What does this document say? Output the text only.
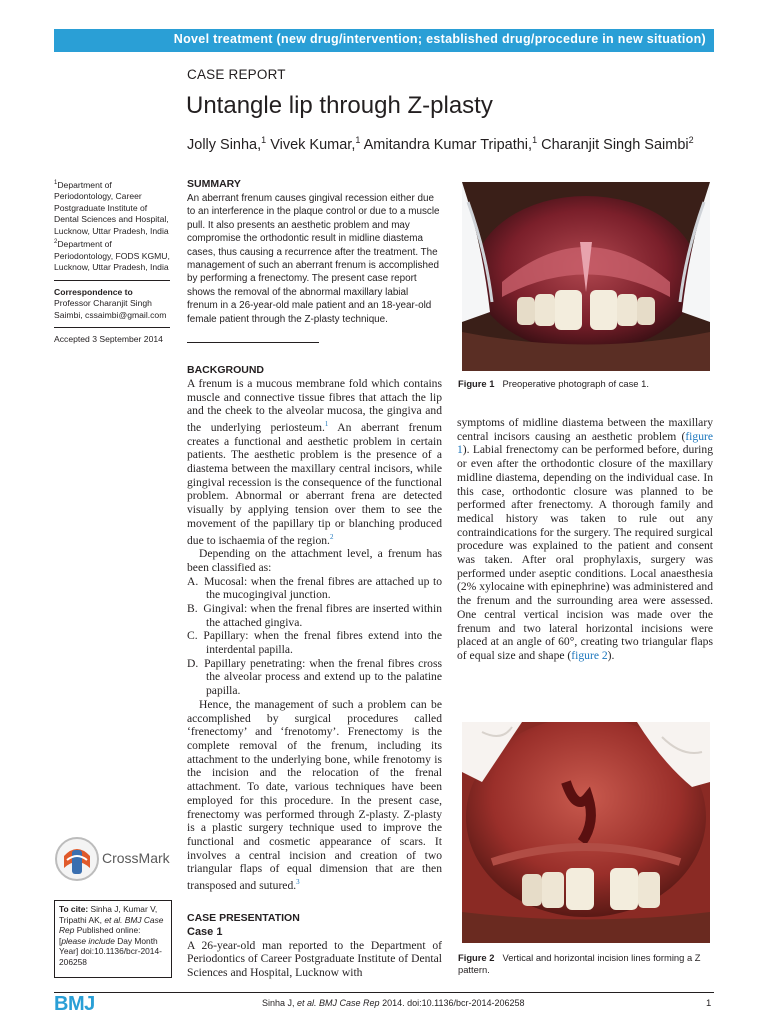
Novel treatment (new drug/intervention; established drug/procedure in new situation)
CASE REPORT
Untangle lip through Z-plasty
Jolly Sinha,$^1$ Vivek Kumar,$^1$ Amitandra Kumar Tripathi,$^1$ Charanjit Singh Saimbi$^2$
$^1$Department of Periodontology, Career Postgraduate Institute of Dental Sciences and Hospital, Lucknow, Uttar Pradesh, India
$^2$Department of Periodontology, FODS KGMU, Lucknow, Uttar Pradesh, India
Correspondence to
Professor Charanjit Singh Saimbi, cssaimbi@gmail.com
Accepted 3 September 2014
SUMMARY
An aberrant frenum causes gingival recession either due to an interference in the plaque control or due to a muscle pull. It also presents an aesthetic problem and may compromise the orthodontic result in midline diastema cases, thus causing a recurrence after the treatment. The management of such an aberrant frenum is accomplished by performing a frenectomy. The present case report shows the removal of the abnormal maxillary labial frenum in a 26-year-old male patient and an 18-year-old female patient through the Z-plasty technique.
BACKGROUND

A frenum is a mucous membrane fold which contains muscle and connective tissue fibres that attach the lip and the cheek to the alveolar mucosa, the gingiva and the underlying periosteum.$^1$ An aberrant frenum creates a functional and aesthetic problem in certain patients. The aesthetic problem is the presence of a diastema between the maxillary central incisors, while gingival recession is the consequence of the functional problem. Abnormal or aberrant frena are detected visually by applying tension over them to see the movement of the papillary tip or blanching produced due to ischaemia of the region.$^2$

Depending on the attachment level, a frenum has been classified as:

A. Mucosal: when the frenal fibres are attached up to the mucogingival junction.
B. Gingival: when the frenal fibres are inserted within the attached gingiva.
C. Papillary: when the frenal fibres extend into the interdental papilla.
D. Papillary penetrating: when the frenal fibres cross the alveolar process and extend up to the palatine papilla.

Hence, the management of such a problem can be accomplished by surgical procedures called ‘frenectomy’ and ‘frenotomy’. Frenectomy is the complete removal of the frenum, including its attachment to the underlying bone, while frenotomy is the incision and the relocation of the frenal attachment. To date, various techniques have been employed for this procedure. In the present case, frenectomy was performed through Z-plasty. Z-plasty is a plastic surgery technique used to improve the functional and cosmetic appearance of scars. It involves a central incision and creation of two triangular flaps of equal dimension that are then transposed and sutured.$^3$

CASE PRESENTATION
Case 1

A 26-year-old man reported to the Department of Periodontics of Career Postgraduate Institute of Dental Sciences and Hospital, Lucknow with

symptoms of midline diastema between the maxillary central incisors causing an aesthetic problem (figure 1). Labial frenectomy can be performed before, during or even after the orthodontic closure of the maxillary midline diastema, depending on the individual case. In this case, orthodontic closure was planned to be performed after frenectomy. A thorough family and medical history was taken to rule out any contraindications for the surgery. The required surgical procedure was explained to the patient and consent was taken. After oral prophylaxis, surgery was performed under aseptic conditions. Local anaesthesia (2% xylocaine with epinephrine) was administered and the frenum and the surrounding area were assessed. One central vertical incision was made over the frenum and two lateral horizontal incisions were placed at an angle of 60°, creating two triangular flaps of equal size and shape (figure 2).

Figure 1 Preoperative photograph of case 1.
Figure 2 Vertical and horizontal incision lines forming a Z pattern.
CrossMark
To cite: Sinha J, Kumar V, Tripathi AK, et al. BMJ Case Rep Published online: [please include Day Month Year] doi:10.1136/bcr-2014-206258
BMJ	Sinha J, et al. BMJ Case Rep 2014. doi:10.1136/bcr-2014-206258	1
